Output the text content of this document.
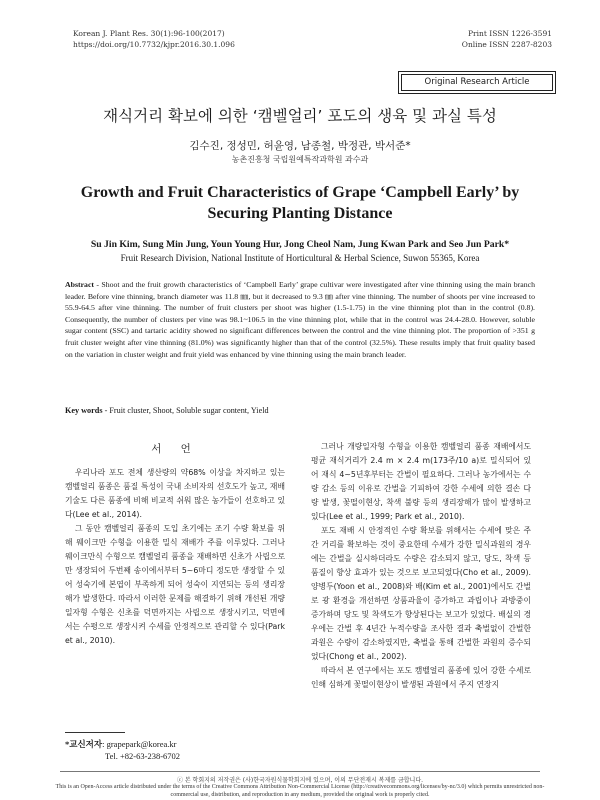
Korean J. Plant Res. 30(1):96-100(2017)
https://doi.org/10.7732/kjpr.2016.30.1.096
Print ISSN 1226-3591
Online ISSN 2287-8203
Original Research Article
재식거리 확보에 의한 ‘캠벨얼리’ 포도의 생육 및 과실 특성
김수진, 정성민, 허윤영, 남종철, 박정관, 박서준*
농촌진흥청 국립원예특작과학원 과수과
Growth and Fruit Characteristics of Grape ‘Campbell Early’ by Securing Planting Distance
Su Jin Kim, Sung Min Jung, Youn Young Hur, Jong Cheol Nam, Jung Kwan Park and Seo Jun Park*
Fruit Research Division, National Institute of Horticultural & Herbal Science, Suwon 55365, Korea
Abstract - Shoot and the fruit growth characteristics of ‘Campbell Early’ grape cultivar were investigated after vine thinning using the main branch leader. Before vine thinning, branch diameter was 11.8 ㎜, but it decreased to 9.3 ㎜ after vine thinning. The number of shoots per vine increased to 55.9-64.5 after vine thinning. The number of fruit clusters per shoot was higher (1.5-1.75) in the vine thinning plot than in the control (0.8). Consequently, the number of clusters per vine was 98.1~106.5 in the vine thinning plot, while that in the control was 24.4-28.0. However, soluble sugar content (SSC) and tartaric acidity showed no significant differences between the control and the vine thinning plot. The proportion of >351 g fruit cluster weight after vine thinning (81.0%) was significantly higher than that of the control (32.5%). These results imply that fruit quality based on the variation in cluster weight and fruit yield was enhanced by vine thinning using the main branch leader.
Key words - Fruit cluster, Shoot, Soluble sugar content, Yield
서 언

우리나라 포도 전체 생산량의 약68% 이상을 차지하고 있는 캠벨얼리 품종은 품질 특성이 국내 소비자의 선호도가 높고, 재배 기술도 다른 품종에 비해 비교적 쉬워 많은 농가들이 선호하고 있다(Lee et al., 2014).

그 동안 캠벨얼리 품종의 도입 초기에는 조기 수량 확보를 위해 웨이크만 수형을 이용한 밀식 재배가 주를 이루었다. 그러나 웨이크만식 수형으로 캠벨얼리 품종을 재배하면 신초가 사립으로만 생장되어 두번째 송이에서부터 5~6마디 정도만 생장할 수 있어 성숙기에 본엽이 부족하게 되어 성숙이 지연되는 등의 생리장해가 발생한다. 따라서 이러한 문제를 해결하기 위해 개선된 개량일자형 수형은 신초를 덕면까지는 사립으로 생장시키고, 덕면에서는 수평으로 생장시켜 수세를 안정적으로 관리할 수 있다(Park et al., 2010).

그러나 개량일자형 수형을 이용한 캠벨얼리 품종 재배에서도 평균 재식거리가 2.4 m × 2.4 m(173주/10 a)로 밀식되어 있어 재식 4~5년후부터는 간벌이 필요하다. 그러나 농가에서는 수량 감소 등의 이유로 간벌을 기피하여 강한 수세에 의한 결손 다량 발생, 꽃떨이현상, 착색 불량 등의 생리장해가 많이 발생하고 있다(Lee et al., 1999; Park et al., 2010).

포도 재배 시 안정적인 수량 확보를 위해서는 수세에 맞은 주간 거리를 확보하는 것이 중요한데 수세가 강한 밀식과원의 경우에는 간벌을 실시하더라도 수량은 감소되지 않고, 당도, 착색 등 품질이 향상 효과가 있는 것으로 보고되었다(Cho et al., 2009). 양병두(Yoon et al., 2008)와 배(Kim et al., 2001)에서도 간벌로 광 환경을 개선하면 상품과율이 증가하고 과립이나 과방중이 증가하며 당도 및 착색도가 향상된다는 보고가 있었다. 배실의 경우에는 간벌 후 4년간 누적수량을 조사한 결과 축벌없이 간벌한 과원은 수량이 감소하였지만, 축벌을 통해 간벌한 과원의 증수되었다(Chong et al., 2002).

따라서 본 연구에서는 포도 캠벨얼리 품종에 있어 강한 수세로 인해 심하게 꽃떨이현상이 발생된 과원에서 주지 연장지

*교신저자: grapepark@korea.kr
Tel. +82-63-238-6702
ⓒ 본 학회지의 저작권은 (사)한국자원식물학회지에 있으며, 이의 무단전재시 복제를 금합니다.
This is an Open-Access article distributed under the terms of the Creative Commons Attribution Non-Commercial License (http://creativecommons.org/licenses/by-nc/3.0) which permits unrestricted non-commercial use, distribution, and reproduction in any medium, provided the original work is properly cited.
